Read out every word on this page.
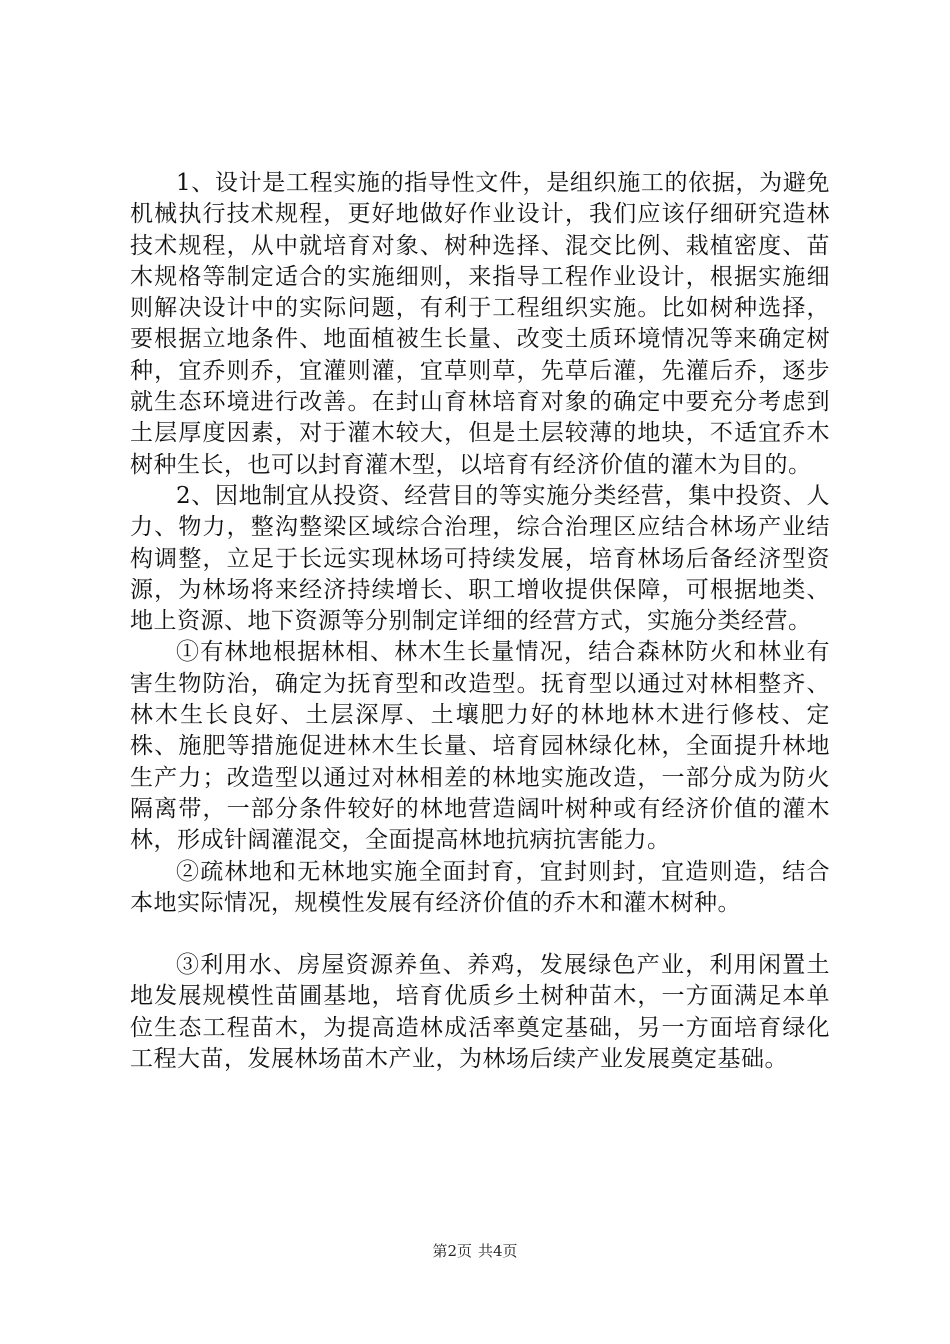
1、设计是工程实施的指导性文件，是组织施工的依据，为避免机械执行技术规程，更好地做好作业设计，我们应该仔细研究造林技术规程，从中就培育对象、树种选择、混交比例、栽植密度、苗木规格等制定适合的实施细则，来指导工程作业设计，根据实施细则解决设计中的实际问题，有利于工程组织实施。比如树种选择，要根据立地条件、地面植被生长量、改变土质环境情况等来确定树种，宜乔则乔，宜灌则灌，宜草则草，先草后灌，先灌后乔，逐步就生态环境进行改善。在封山育林培育对象的确定中要充分考虑到土层厚度因素，对于灌木较大，但是土层较薄的地块，不适宜乔木树种生长，也可以封育灌木型，以培育有经济价值的灌木为目的。

2、因地制宜从投资、经营目的等实施分类经营，集中投资、人力、物力，整沟整梁区域综合治理，综合治理区应结合林场产业结构调整，立足于长远实现林场可持续发展，培育林场后备经济型资源，为林场将来经济持续增长、职工增收提供保障，可根据地类、地上资源、地下资源等分别制定详细的经营方式，实施分类经营。

①有林地根据林相、林木生长量情况，结合森林防火和林业有害生物防治，确定为抚育型和改造型。抚育型以通过对林相整齐、林木生长良好、土层深厚、土壤肥力好的林地林木进行修枝、定株、施肥等措施促进林木生长量、培育园林绿化林，全面提升林地生产力；改造型以通过对林相差的林地实施改造，一部分成为防火隔离带，一部分条件较好的林地营造阔叶树种或有经济价值的灌木林，形成针阔灌混交，全面提高林地抗病抗害能力。

②疏林地和无林地实施全面封育，宜封则封，宜造则造，结合本地实际情况，规模性发展有经济价值的乔木和灌木树种。

③利用水、房屋资源养鱼、养鸡，发展绿色产业，利用闲置土地发展规模性苗圃基地，培育优质乡土树种苗木，一方面满足本单位生态工程苗木，为提高造林成活率奠定基础，另一方面培育绿化工程大苗，发展林场苗木产业，为林场后续产业发展奠定基础。

第2页 共4页
